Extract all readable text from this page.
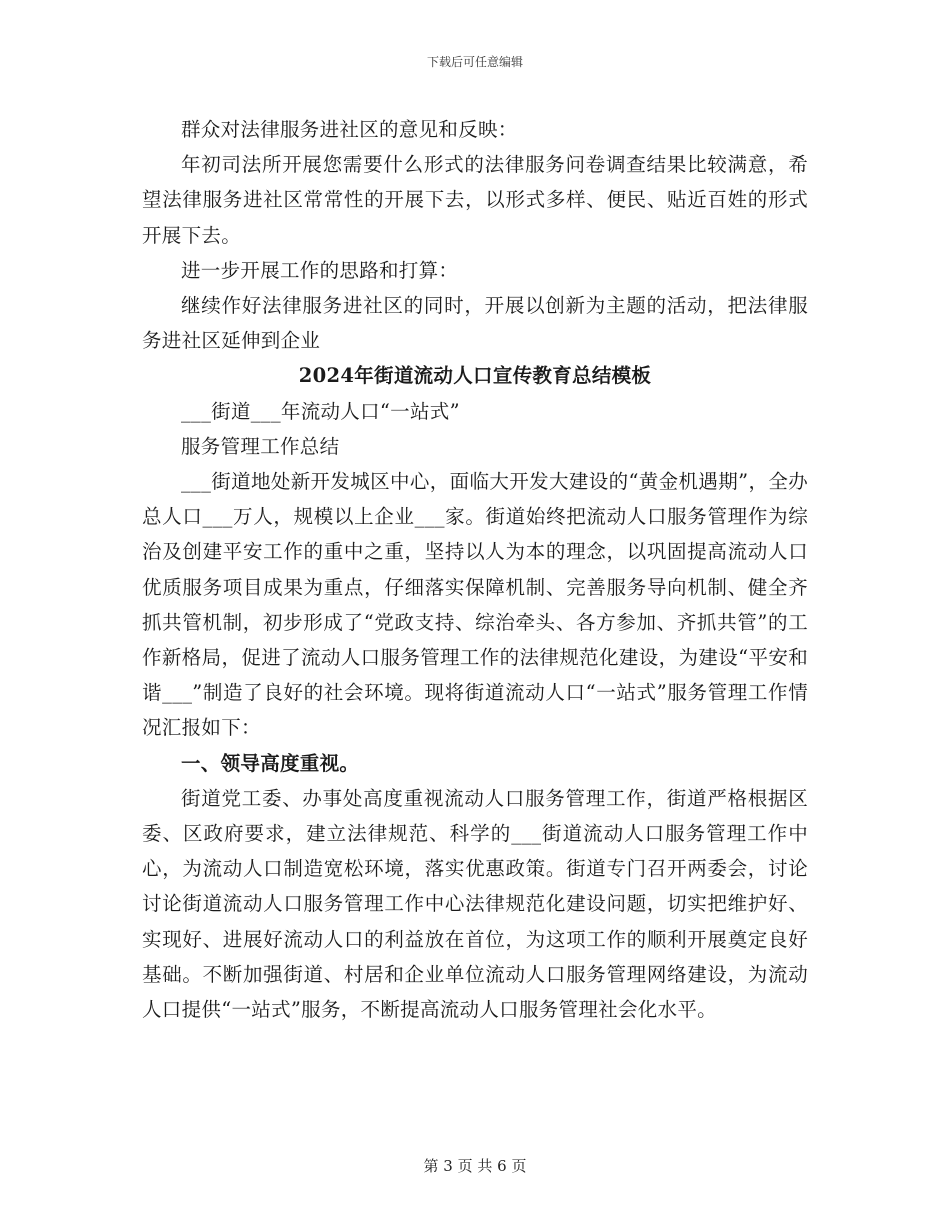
下载后可任意编辑

群众对法律服务进社区的意见和反映：

年初司法所开展您需要什么形式的法律服务问卷调查结果比较满意，希望法律服务进社区常常性的开展下去，以形式多样、便民、贴近百姓的形式开展下去。

进一步开展工作的思路和打算：

继续作好法律服务进社区的同时，开展以创新为主题的活动，把法律服务进社区延伸到企业

2024年街道流动人口宣传教育总结模板

___街道___年流动人口“一站式”

服务管理工作总结

___街道地处新开发城区中心，面临大开发大建设的“黄金机遇期”，全办总人口___万人，规模以上企业___家。街道始终把流动人口服务管理作为综治及创建平安工作的重中之重，坚持以人为本的理念，以巩固提高流动人口优质服务项目成果为重点，仔细落实保障机制、完善服务导向机制、健全齐抓共管机制，初步形成了“党政支持、综治牵头、各方参加、齐抓共管”的工作新格局，促进了流动人口服务管理工作的法律规范化建设，为建设“平安和谐___”制造了良好的社会环境。现将街道流动人口“一站式”服务管理工作情况汇报如下：

一、领导高度重视。

街道党工委、办事处高度重视流动人口服务管理工作，街道严格根据区委、区政府要求，建立法律规范、科学的___街道流动人口服务管理工作中心，为流动人口制造宽松环境，落实优惠政策。街道专门召开两委会，讨论讨论街道流动人口服务管理工作中心法律规范化建设问题，切实把维护好、实现好、进展好流动人口的利益放在首位，为这项工作的顺利开展奠定良好基础。不断加强街道、村居和企业单位流动人口服务管理网络建设，为流动人口提供“一站式”服务，不断提高流动人口服务管理社会化水平。

第 3 页 共 6 页
